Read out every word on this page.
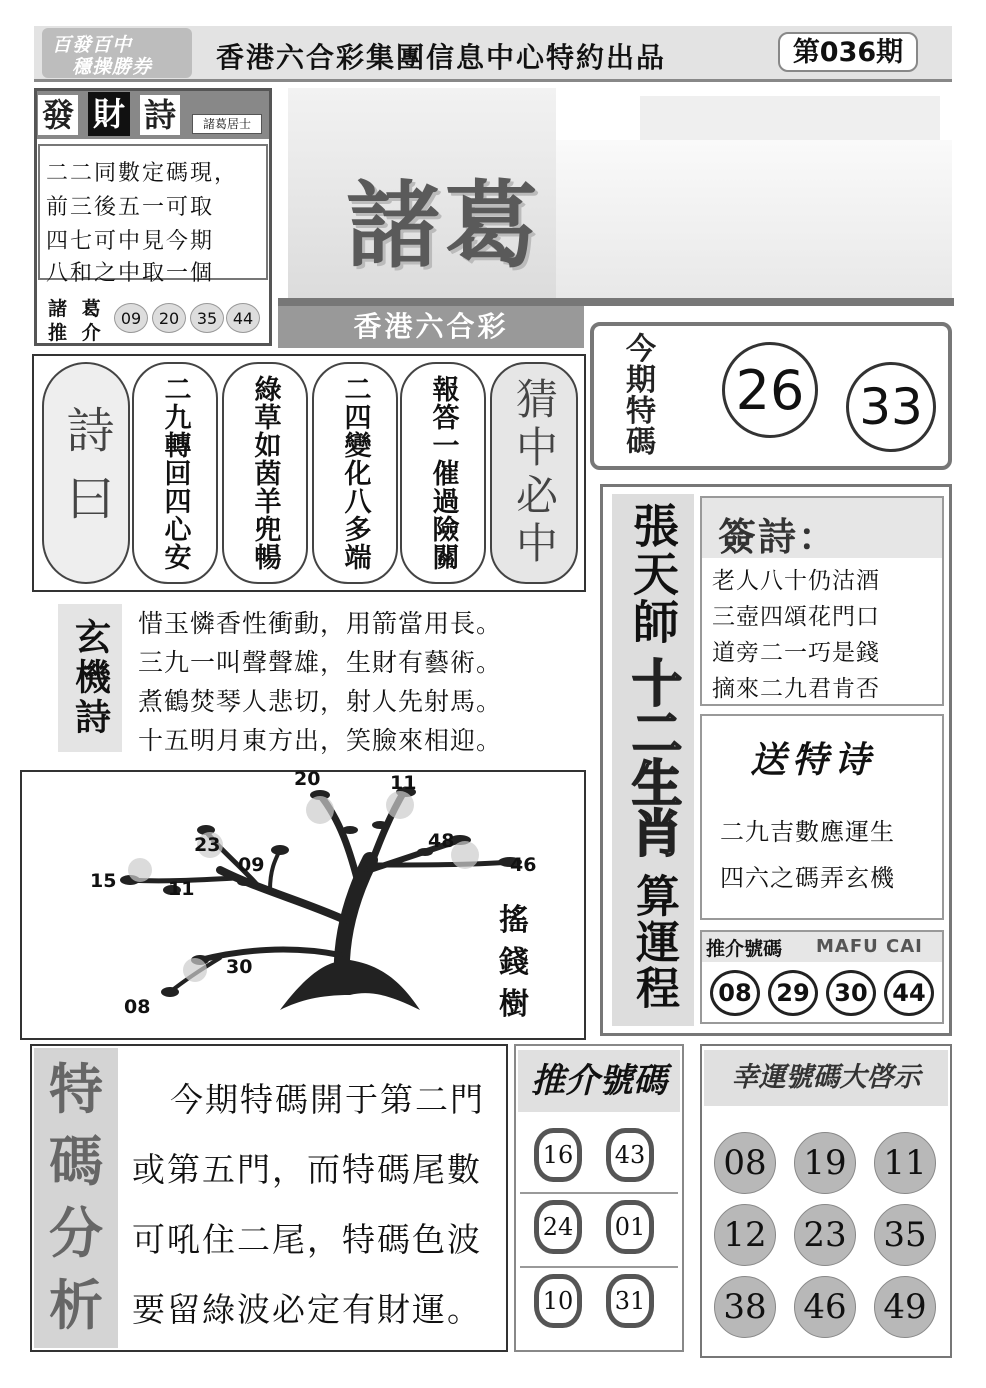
百發百中
穩操勝券 香港六合彩集團信息中心特約出品	第036期
發 財 詩	諸葛居士
二二同數定碼現，
前三後五一可取
四七可中見今期
八和之中取一個
諸 葛
推 介
09	20	35 44
諸葛
香港六合彩
今
期
特
碼
26 33
詩曰 二九轉回四心安 綠草如茵羊兜暢 二四變化八多端 報答一催過險關 猜中必中
玄機詩 惜玉憐香性衝動，用箭當用長。
三九一叫聲聲雄，生財有藝術。
煮鶴焚琴人悲切，射人先射馬。
十五明月東方出，笑臉來相迎。
20	11
23	48
09	46
15	11
30
08
搖
錢
樹
張天師
十二生肖
算運程
簽詩：
老人八十仍沽酒
三壺四頌花門口
道旁二一巧是錢
摘來二九君肯否
送特诗
二九吉數應運生
四六之碼弄玄機
推介號碼 MAFU CAI
08	29	30	44
特
碼
分
析
今期特碼開于第二門
或第五門，而特碼尾數
可吼住二尾，特碼色波
要留綠波必定有財運。
推介號碼
16	43
24	01
10	31
幸運號碼大啓示
08 19 11
12 23 35
38 46 49
